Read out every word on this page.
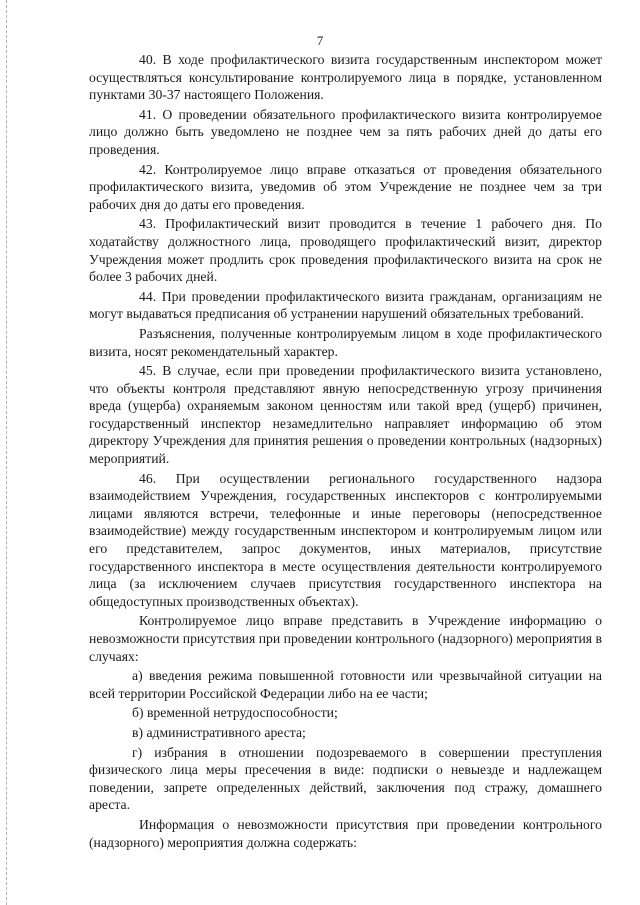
7

40. В ходе профилактического визита государственным инспектором может осуществляться консультирование контролируемого лица в порядке, установленном пунктами 30-37 настоящего Положения.

41. О проведении обязательного профилактического визита контролируемое лицо должно быть уведомлено не позднее чем за пять рабочих дней до даты его проведения.

42. Контролируемое лицо вправе отказаться от проведения обязательного профилактического визита, уведомив об этом Учреждение не позднее чем за три рабочих дня до даты его проведения.

43. Профилактический визит проводится в течение 1 рабочего дня. По ходатайству должностного лица, проводящего профилактический визит, директор Учреждения может продлить срок проведения профилактического визита на срок не более 3 рабочих дней.

44. При проведении профилактического визита гражданам, организациям не могут выдаваться предписания об устранении нарушений обязательных требований.

Разъяснения, полученные контролируемым лицом в ходе профилактического визита, носят рекомендательный характер.

45. В случае, если при проведении профилактического визита установлено, что объекты контроля представляют явную непосредственную угрозу причинения вреда (ущерба) охраняемым законом ценностям или такой вред (ущерб) причинен, государственный инспектор незамедлительно направляет информацию об этом директору Учреждения для принятия решения о проведении контрольных (надзорных) мероприятий.

46. При осуществлении регионального государственного надзора взаимодействием Учреждения, государственных инспекторов с контролируемыми лицами являются встречи, телефонные и иные переговоры (непосредственное взаимодействие) между государственным инспектором и контролируемым лицом или его представителем, запрос документов, иных материалов, присутствие государственного инспектора в месте осуществления деятельности контролируемого лица (за исключением случаев присутствия государственного инспектора на общедоступных производственных объектах).

Контролируемое лицо вправе представить в Учреждение информацию о невозможности присутствия при проведении контрольного (надзорного) мероприятия в случаях:

а) введения режима повышенной готовности или чрезвычайной ситуации на всей территории Российской Федерации либо на ее части;

б) временной нетрудоспособности;

в) административного ареста;

г) избрания в отношении подозреваемого в совершении преступления физического лица меры пресечения в виде: подписки о невыезде и надлежащем поведении, запрете определенных действий, заключения под стражу, домашнего ареста.

Информация о невозможности присутствия при проведении контрольного (надзорного) мероприятия должна содержать:
